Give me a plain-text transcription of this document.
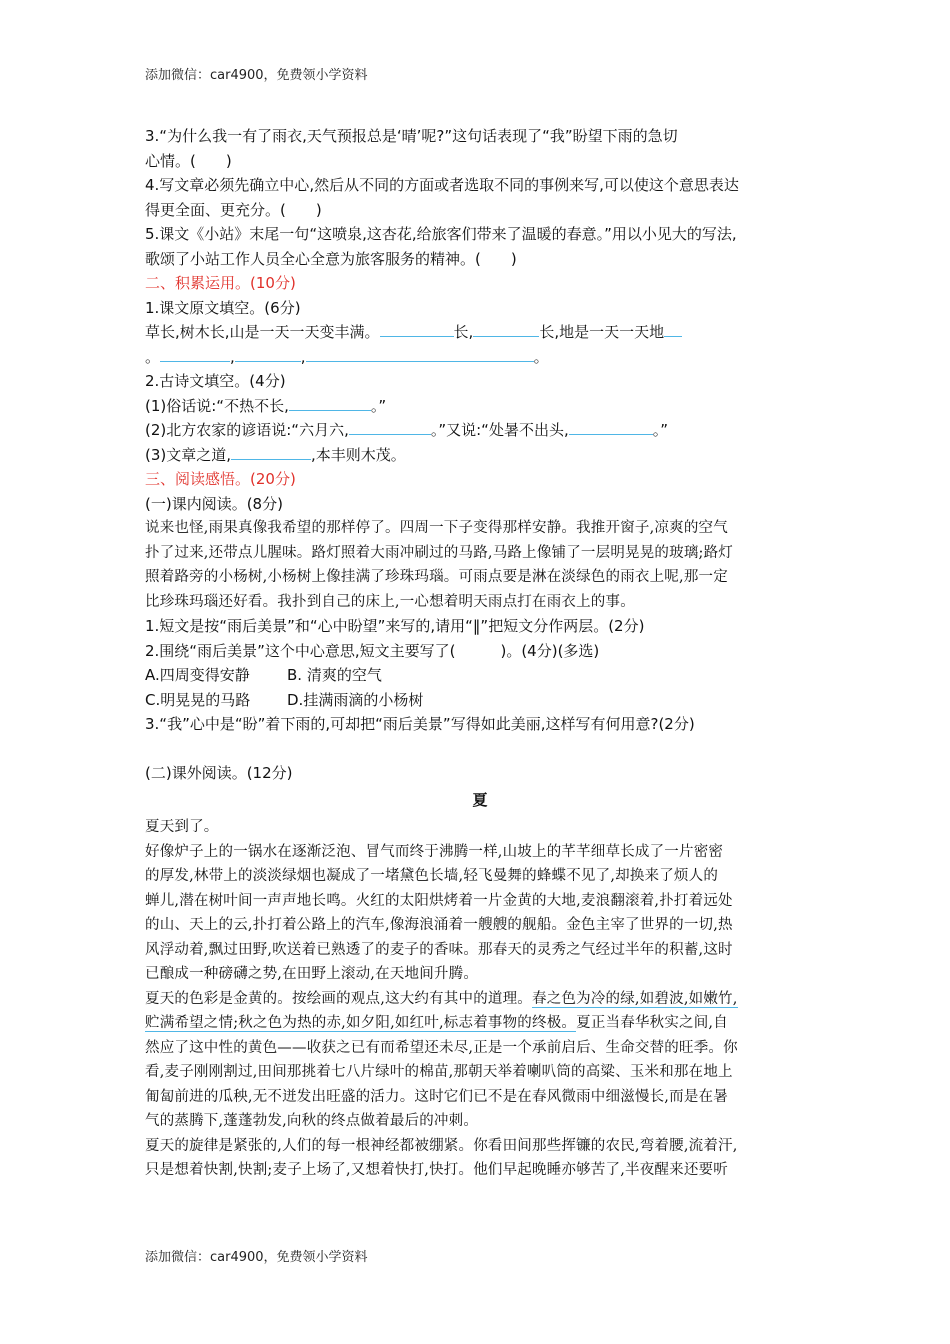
添加微信：car4900，免费领小学资料
3.“为什么我一有了雨衣,天气预报总是‘晴’呢?”这句话表现了“我”盼望下雨的急切
心情。(　　)
4.写文章必须先确立中心,然后从不同的方面或者选取不同的事例来写,可以使这个意思表达
得更全面、更充分。(　　)
5.课文《小站》末尾一句“这喷泉,这杏花,给旅客们带来了温暖的春意。”用以小见大的写法,
歌颂了小站工作人员全心全意为旅客服务的精神。(　　)
二、积累运用。(10分)
1.课文原文填空。(6分)
草长,树木长,山是一天一天变丰满。	长,	长,地是一天一天地
。	,	,	。
2.古诗文填空。(4分)
(1)俗话说:“不热不长,	。”
(2)北方农家的谚语说:“六月六,	。”又说:“处暑不出头,	。”
(3)文章之道,	,本丰则木茂。
三、阅读感悟。(20分)
(一)课内阅读。(8分)
说来也怪,雨果真像我希望的那样停了。四周一下子变得那样安静。我推开窗子,凉爽的空气
扑了过来,还带点儿腥味。路灯照着大雨冲刷过的马路,马路上像铺了一层明晃晃的玻璃;路灯
照着路旁的小杨树,小杨树上像挂满了珍珠玛瑙。可雨点要是淋在淡绿色的雨衣上呢,那一定
比珍珠玛瑙还好看。我扑到自己的床上,一心想着明天雨点打在雨衣上的事。
1.短文是按“雨后美景”和“心中盼望”来写的,请用“‖”把短文分作两层。(2分)
2.围绕“雨后美景”这个中心意思,短文主要写了(　　　)。(4分)(多选)
A.四周变得安静 B. 清爽的空气
C.明晃晃的马路 D.挂满雨滴的小杨树
3.“我”心中是“盼”着下雨的,可却把“雨后美景”写得如此美丽,这样写有何用意?(2分)
(二)课外阅读。(12分)
夏
夏天到了。
好像炉子上的一锅水在逐渐泛泡、冒气而终于沸腾一样,山坡上的芊芊细草长成了一片密密
的厚发,林带上的淡淡绿烟也凝成了一堵黛色长墙,轻飞曼舞的蜂蝶不见了,却换来了烦人的
蝉儿,潜在树叶间一声声地长鸣。火红的太阳烘烤着一片金黄的大地,麦浪翻滚着,扑打着远处
的山、天上的云,扑打着公路上的汽车,像海浪涌着一艘艘的舰船。金色主宰了世界的一切,热
风浮动着,飘过田野,吹送着已熟透了的麦子的香味。那春天的灵秀之气经过半年的积蓄,这时
已酿成一种磅礴之势,在田野上滚动,在天地间升腾。
夏天的色彩是金黄的。按绘画的观点,这大约有其中的道理。春之色为冷的绿,如碧波,如嫩竹,
贮满希望之情;秋之色为热的赤,如夕阳,如红叶,标志着事物的终极。夏正当春华秋实之间,自
然应了这中性的黄色——收获之已有而希望还未尽,正是一个承前启后、生命交替的旺季。你
看,麦子刚刚割过,田间那挑着七八片绿叶的棉苗,那朝天举着喇叭筒的高粱、玉米和那在地上
匍匐前进的瓜秧,无不迸发出旺盛的活力。这时它们已不是在春风微雨中细滋慢长,而是在暑
气的蒸腾下,蓬蓬勃发,向秋的终点做着最后的冲刺。
夏天的旋律是紧张的,人们的每一根神经都被绷紧。你看田间那些挥镰的农民,弯着腰,流着汗,
只是想着快割,快割;麦子上场了,又想着快打,快打。他们早起晚睡亦够苦了,半夜醒来还要听
添加微信：car4900，免费领小学资料
